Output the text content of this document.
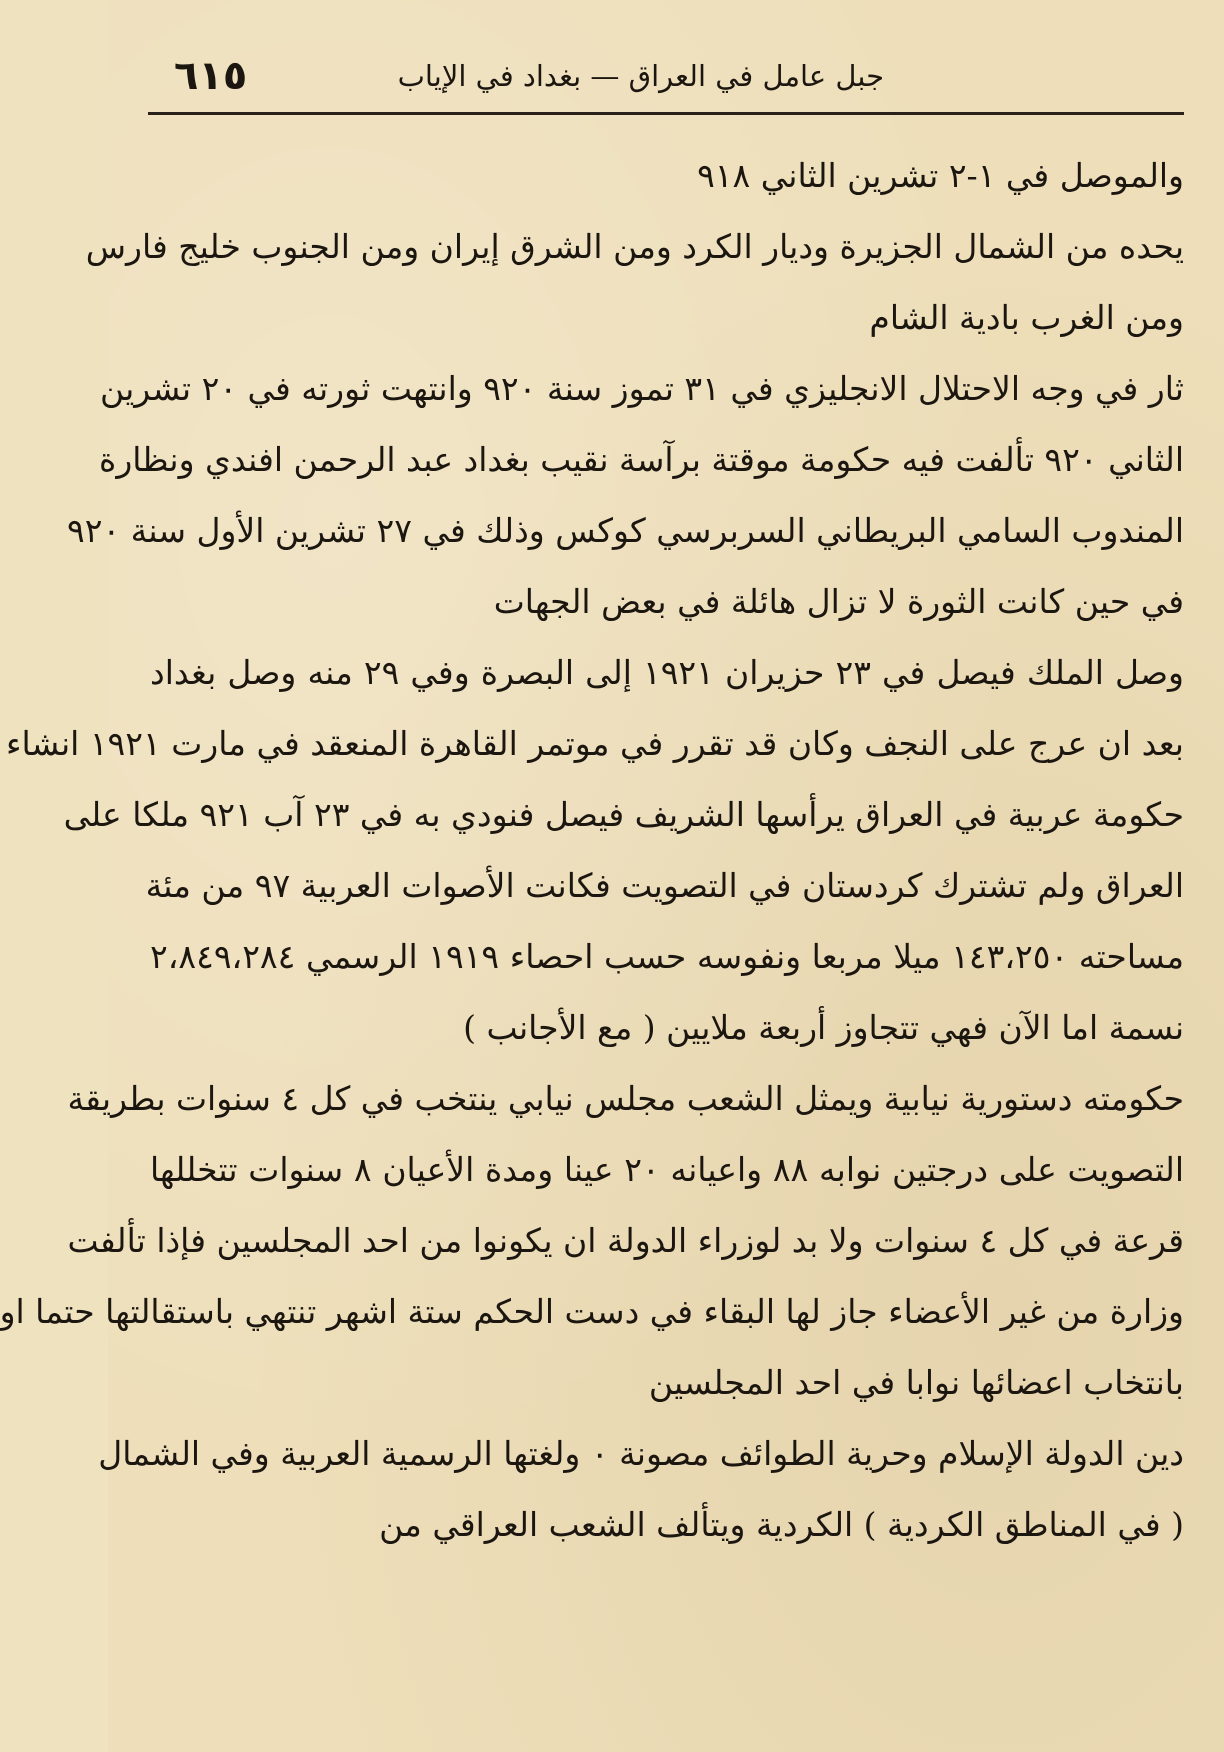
جبل عامل في العراق — بغداد في الإياب
٦١٥
والموصل في ١-٢ تشرين الثاني ٩١٨
يحده من الشمال الجزيرة وديار الكرد ومن الشرق إيران ومن الجنوب خليج فارس
ومن الغرب بادية الشام
ثار في وجه الاحتلال الانجليزي في ٣١ تموز سنة ٩٢٠ وانتهت ثورته في ٢٠ تشرين
الثاني ٩٢٠ تألفت فيه حكومة موقتة برآسة نقيب بغداد عبد الرحمن افندي ونظارة
المندوب السامي البريطاني السربرسي كوكس وذلك في ٢٧ تشرين الأول سنة ٩٢٠
في حين كانت الثورة لا تزال هائلة في بعض الجهات
وصل الملك فيصل في ٢٣ حزيران ١٩٢١ إلى البصرة وفي ٢٩ منه وصل بغداد
بعد ان عرج على النجف وكان قد تقرر في موتمر القاهرة المنعقد في مارت ١٩٢١ انشاء
حكومة عربية في العراق يرأسها الشريف فيصل فنودي به في ٢٣ آب ٩٢١ ملكا على
العراق ولم تشترك كردستان في التصويت فكانت الأصوات العربية ٩٧ من مئة
مساحته ١٤٣،٢٥٠ ميلا مربعا ونفوسه حسب احصاء ١٩١٩ الرسمي ٢،٨٤٩،٢٨٤
نسمة اما الآن فهي تتجاوز أربعة ملايين ( مع الأجانب )
حكومته دستورية نيابية ويمثل الشعب مجلس نيابي ينتخب في كل ٤ سنوات بطريقة
التصويت على درجتين نوابه ٨٨ واعيانه ٢٠ عينا ومدة الأعيان ٨ سنوات تتخللها
قرعة في كل ٤ سنوات ولا بد لوزراء الدولة ان يكونوا من احد المجلسين فإذا تألفت
وزارة من غير الأعضاء جاز لها البقاء في دست الحكم ستة اشهر تنتهي باستقالتها حتما او
بانتخاب اعضائها نوابا في احد المجلسين
دين الدولة الإسلام وحرية الطوائف مصونة ٠ ولغتها الرسمية العربية وفي الشمال
( في المناطق الكردية ) الكردية ويتألف الشعب العراقي من
